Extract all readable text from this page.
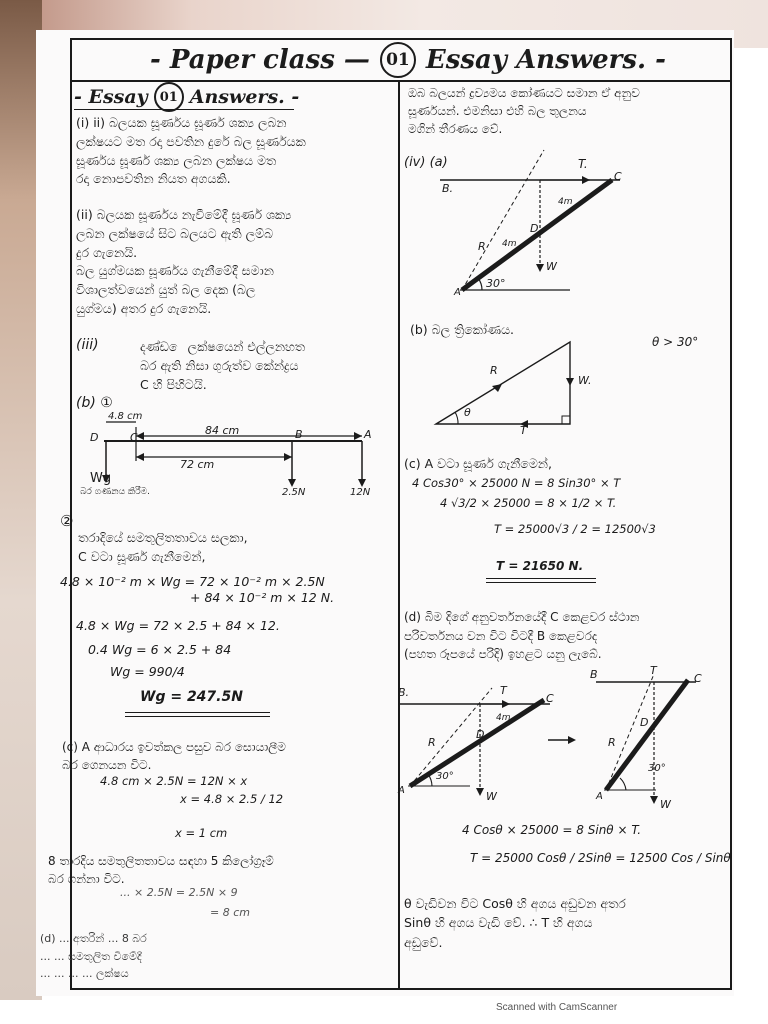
- Paper class — 01 Essay Answers. -
- Essay 01 Answers. -
(i) ii) බලයක සූර්ණය ඝූර්ණ ශක්‍ය ලබන
ලක්ෂයට මත රදා පවතින දුරේ බල සූර්ණයක
සූර්ණය ඝූර්ණ ශක්‍ය ලබන ලක්ෂය මත
රදා නොපවතින නියත අගයකි.
(ii) බලයක සූර්ණය නැවීමේදී ඝූර්ණ ශක්‍ය
ලබන ලක්ෂයේ සිට බලයට ඇති ලම්බ
දුර ගැනෙයි.
බල යුග්මයක සූර්ණය ගැනීමේදී සමාන
විශාලත්වයෙන් යුත් බල දෙක (බල
යුග්මය) අතර දුර ගැනෙයි.
(iii)	දණ්ඩ ෙ ලක්ෂයෙන් එල්ලනහත
බර ඇති නිසා ගුරුත්ව කේන්ද්‍රය
C හි පිහිටයි.
(b) ①
4.8 cm
84 cm
72 cm
D	C	B	A
Wg
බර ගණනය කිරීම.	2.5N	12N
②
තරාදියේ සමතුලිතතාවය සලකා,
C වටා සූර්ණ ගැනීමෙන්,
4.8 × 10⁻² m × Wg = 72 × 10⁻² m × 2.5N
+ 84 × 10⁻² m × 12 N.
4.8 × Wg = 72 × 2.5 + 84 × 12.
0.4 Wg = 6 × 2.5 + 84
Wg = 990/4
Wg = 247.5N
(c) A ආධාරය ඉවත්කල පසුව බර සොයාලීම
බර ගෙනයන විට.
4.8 cm × 2.5N = 12N × x
x = 4.8 × 2.5 / 12
x = 1 cm
8 තාරදිය සමතුලිතතාවය සඳහා 5 කිලෝග්‍රෑම්
බර ගන්නා විට.
... × 2.5N = 2.5N × 9
= 8 cm
(d) ... අතරින් ... 8 බර
... ... සමතුලිත වීමේදී
... ... ... ... ලක්ෂය
ඔබ බලයන් ද්‍රව්‍යමය කෝණයට සමාන ඒ අනුව
සූර්ණයන්. එමනිසා එහි බල තුලනය
මගින් තීරණය වේ.
(iv) (a)	T.
B.
C
R
D
W
A
4m
4m
30°
(b) බල ත්‍රිකෝණය.
θ > 30°
R
W.
T
θ
(c) A වටා සූර්ණ ගැනීමෙන්,
4 Cos30° × 25000 N = 8 Sin30° × T
4 √3/2 × 25000 = 8 × 1/2 × T.
T = 25000√3 / 2 = 12500√3
T = 21650 N.
(d) බිම දිගේ අනුවර්තනයේදී C කෙළවර ස්ථාන
පරිවර්තනය වන විට විටදී B කෙළවරද
(පහත රූපයේ පරිදි) ඉහළට යනු ලැබේ.
B.	T
C
R
D
4m
W
A
30°
B	T
C
R
D
W
A
30°
4 Cosθ × 25000 = 8 Sinθ × T.
T = 25000 Cosθ / 2Sinθ = 12500 Cos / Sinθ
θ වැඩිවන විට Cosθ හි අගය අඩුවන අතර
Sinθ හි අගය වැඩි වේ. ∴ T හි අගය
අඩුවේ.
Scanned with CamScanner
